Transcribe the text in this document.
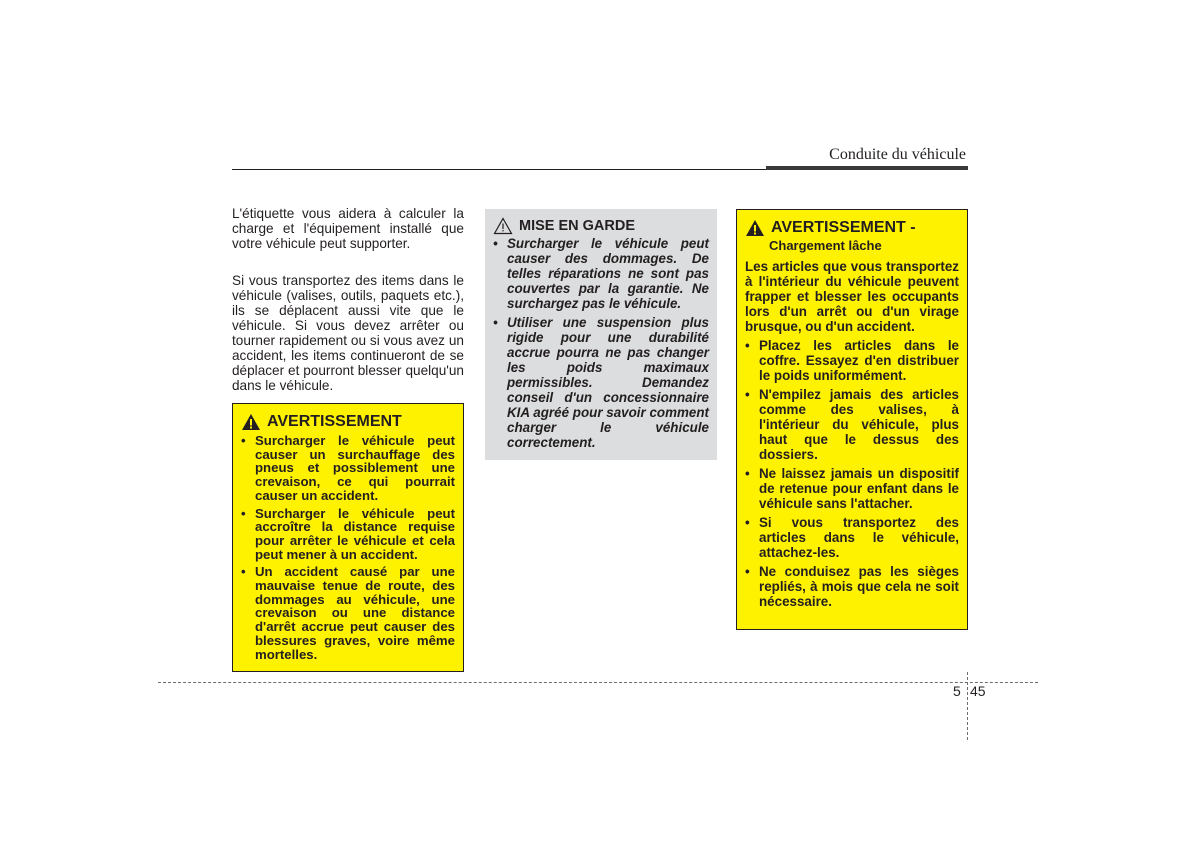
Conduite du véhicule

L'étiquette vous aidera à calculer la charge et l'équipement installé que votre véhicule peut supporter.

Si vous transportez des items dans le véhicule (valises, outils, paquets etc.), ils se déplacent aussi vite que le véhicule. Si vous devez arrêter ou tourner rapidement ou si vous avez un accident, les items continueront de se déplacer et pourront blesser quelqu'un dans le véhicule.

AVERTISSEMENT
• Surcharger le véhicule peut causer un surchauffage des pneus et possiblement une crevaison, ce qui pourrait causer un accident.
• Surcharger le véhicule peut accroître la distance requise pour arrêter le véhicule et cela peut mener à un accident.
• Un accident causé par une mauvaise tenue de route, des dommages au véhicule, une crevaison ou une distance d'arrêt accrue peut causer des blessures graves, voire même mortelles.
MISE EN GARDE
• Surcharger le véhicule peut causer des dommages. De telles réparations ne sont pas couvertes par la garantie. Ne surchargez pas le véhicule.
• Utiliser une suspension plus rigide pour une durabilité accrue pourra ne pas changer les poids maximaux permissibles. Demandez conseil d'un concessionnaire KIA agréé pour savoir comment charger le véhicule correctement.
AVERTISSEMENT -
Chargement lâche

Les articles que vous transportez à l'intérieur du véhicule peuvent frapper et blesser les occupants lors d'un arrêt ou d'un virage brusque, ou d'un accident.

• Placez les articles dans le coffre. Essayez d'en distribuer le poids uniformément.
• N'empilez jamais des articles comme des valises, à l'intérieur du véhicule, plus haut que le dessus des dossiers.
• Ne laissez jamais un dispositif de retenue pour enfant dans le véhicule sans l'attacher.
• Si vous transportez des articles dans le véhicule, attachez-les.
• Ne conduisez pas les sièges repliés, à mois que cela ne soit nécessaire.
5 45
